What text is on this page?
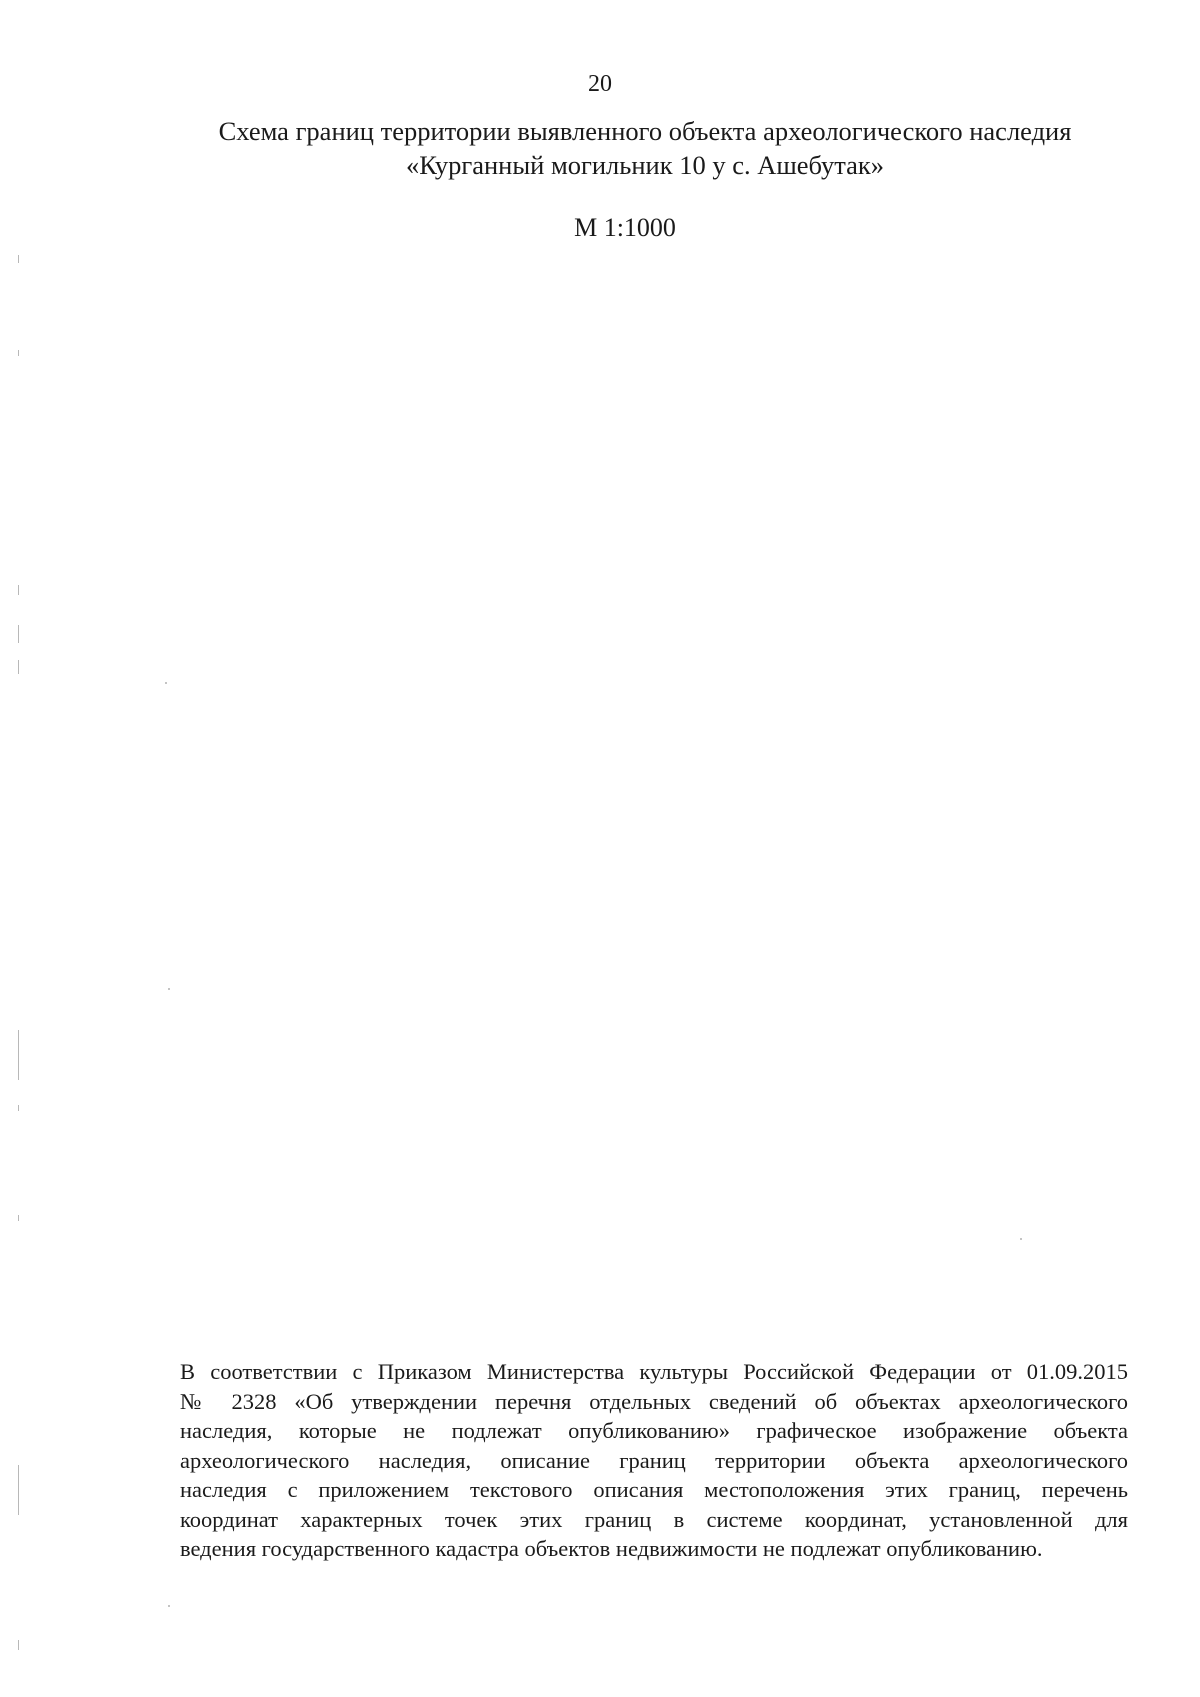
20
Схема границ территории выявленного объекта археологического наследия
«Курганный могильник 10 у с. Ашебутак»
М 1:1000
В соответствии с Приказом Министерства культуры Российской Федерации от 01.09.2015
№ 2328 «Об утверждении перечня отдельных сведений об объектах археологического
наследия, которые не подлежат опубликованию» графическое изображение объекта
археологического наследия, описание границ территории объекта археологического
наследия с приложением текстового описания местоположения этих границ, перечень
координат характерных точек этих границ в системе координат, установленной для
ведения государственного кадастра объектов недвижимости не подлежат опубликованию.
